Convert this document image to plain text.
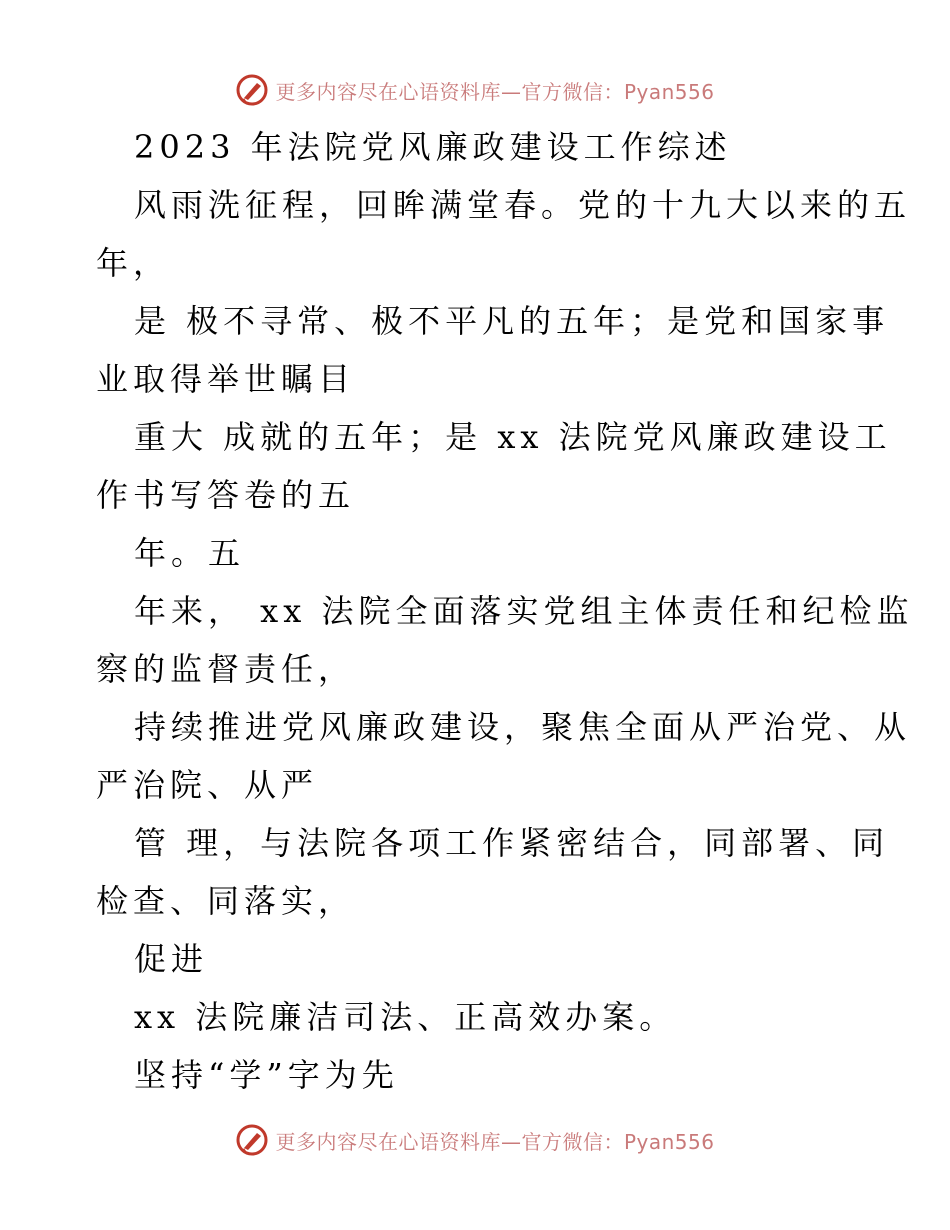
更多内容尽在心语资料库—官方微信：Pyan556
2023 年法院党风廉政建设工作综述
风雨洗征程，回眸满堂春。党的十九大以来的五
年，
是 极不寻常、极不平凡的五年；是党和国家事
业取得举世瞩目
重大 成就的五年；是 xx 法院党风廉政建设工
作书写答卷的五
年。五
年来， xx 法院全面落实党组主体责任和纪检监
察的监督责任，
持续推进党风廉政建设，聚焦全面从严治党、从
严治院、从严
管 理，与法院各项工作紧密结合，同部署、同
检查、同落实，
促进
xx 法院廉洁司法、正高效办案。
坚持“学”字为先
更多内容尽在心语资料库—官方微信：Pyan556
